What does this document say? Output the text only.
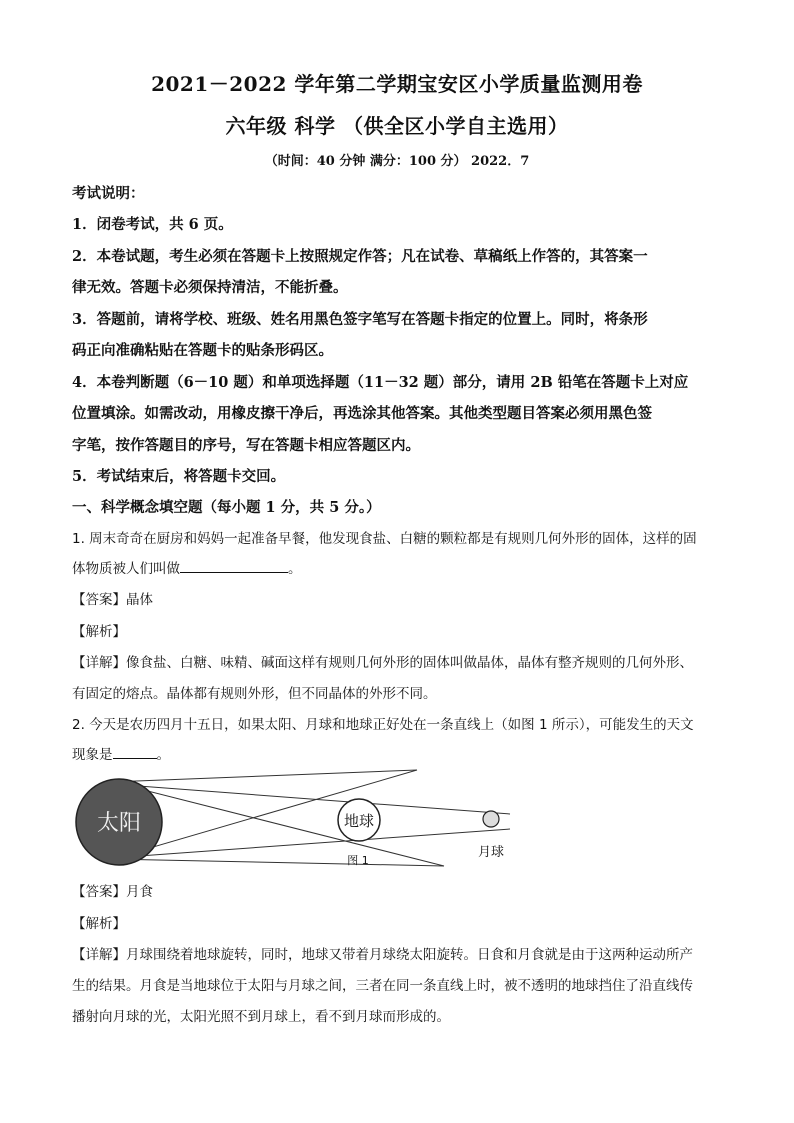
2021－2022 学年第二学期宝安区小学质量监测用卷
六年级 科学 （供全区小学自主选用）
（时间：40 分钟 满分：100 分） 2022．7
考试说明：
1．闭卷考试，共 6 页。
2．本卷试题，考生必须在答题卡上按照规定作答；凡在试卷、草稿纸上作答的，其答案一
律无效。答题卡必须保持清洁，不能折叠。
3．答题前，请将学校、班级、姓名用黑色签字笔写在答题卡指定的位置上。同时，将条形
码正向准确粘贴在答题卡的贴条形码区。
4．本卷判断题（6－10 题）和单项选择题（11－32 题）部分，请用 2B 铅笔在答题卡上对应
位置填涂。如需改动，用橡皮擦干净后，再选涂其他答案。其他类型题目答案必须用黑色签
字笔，按作答题目的序号，写在答题卡相应答题区内。
5．考试结束后，将答题卡交回。
一、科学概念填空题（每小题 1 分，共 5 分。）
1. 周末奇奇在厨房和妈妈一起准备早餐，他发现食盐、白糖的颗粒都是有规则几何外形的固体，这样的固
体物质被人们叫做	。
【答案】晶体
【解析】
【详解】像食盐、白糖、味精、碱面这样有规则几何外形的固体叫做晶体，晶体有整齐规则的几何外形、
有固定的熔点。晶体都有规则外形，但不同晶体的外形不同。
2. 今天是农历四月十五日，如果太阳、月球和地球正好处在一条直线上（如图 1 所示），可能发生的天文
现象是	。
太阳	地球
月球
图 1
【答案】月食
【解析】
【详解】月球围绕着地球旋转，同时，地球又带着月球绕太阳旋转。日食和月食就是由于这两种运动所产
生的结果。月食是当地球位于太阳与月球之间，三者在同一条直线上时，被不透明的地球挡住了沿直线传
播射向月球的光，太阳光照不到月球上，看不到月球而形成的。
